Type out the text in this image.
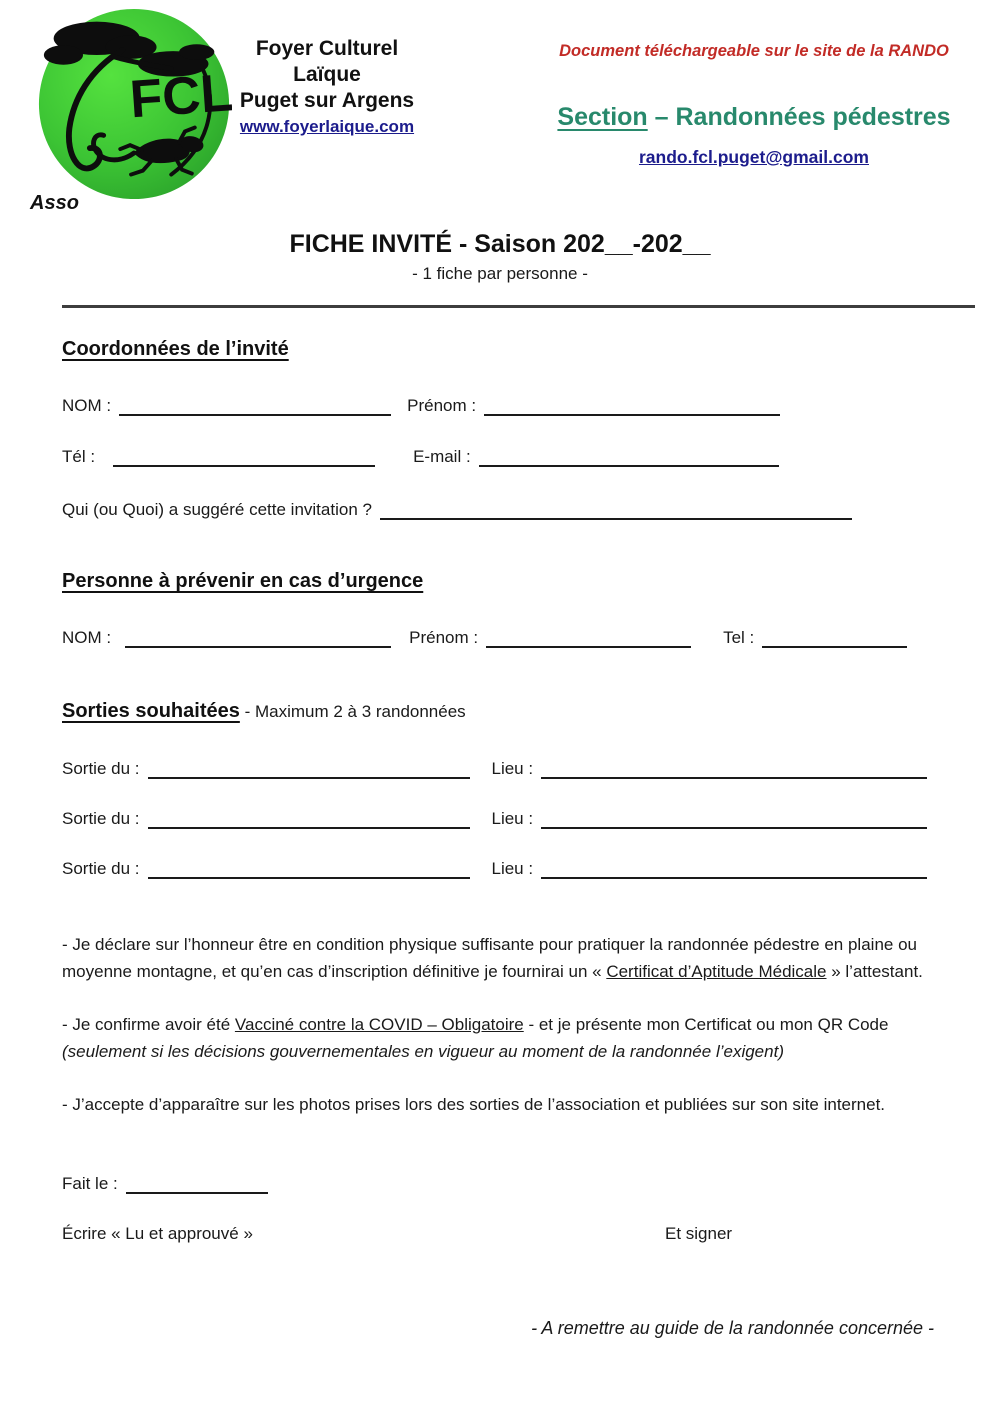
FCL
Asso
Foyer Culturel Laïque
Puget sur Argens
www.foyerlaique.com
Document téléchargeable sur le site de la RANDO
Section – Randonnées pédestres
rando.fcl.puget@gmail.com
FICHE INVITÉ - Saison 202__-202__
- 1 fiche par personne -
Coordonnées de l’invité
NOM :	Prénom :
Tél :	E-mail :
Qui (ou Quoi) a suggéré cette invitation ?
Personne à prévenir en cas d’urgence
NOM :	Prénom :	Tel :
Sorties souhaitées - Maximum 2 à 3 randonnées
Sortie du :	Lieu :
Sortie du :	Lieu :
Sortie du :	Lieu :
- Je déclare sur l’honneur être en condition physique suffisante pour pratiquer la randonnée pédestre en plaine ou moyenne montagne, et qu’en cas d’inscription définitive je fournirai un « Certificat d’Aptitude Médicale » l’attestant.
- Je confirme avoir été Vacciné contre la COVID – Obligatoire - et je présente mon Certificat ou mon QR Code
(seulement si les décisions gouvernementales en vigueur au moment de la randonnée l’exigent)
- J’accepte d’apparaître sur les photos prises lors des sorties de l’association et publiées sur son site internet.
Fait le :
Écrire « Lu et approuvé »	Et signer
- A remettre au guide de la randonnée concernée -
